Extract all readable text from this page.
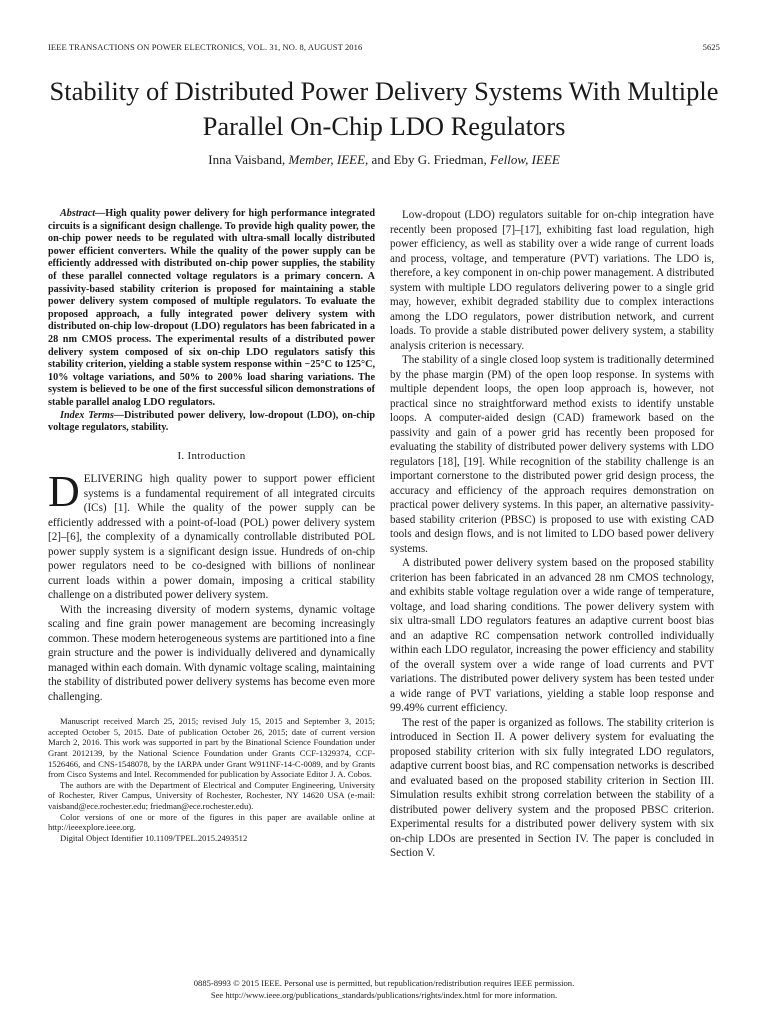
IEEE TRANSACTIONS ON POWER ELECTRONICS, VOL. 31, NO. 8, AUGUST 2016	5625
Stability of Distributed Power Delivery Systems With Multiple Parallel On-Chip LDO Regulators
Inna Vaisband, Member, IEEE, and Eby G. Friedman, Fellow, IEEE

Abstract—High quality power delivery for high performance integrated circuits is a significant design challenge. To provide high quality power, the on-chip power needs to be regulated with ultra-small locally distributed power efficient converters. While the quality of the power supply can be efficiently addressed with distributed on-chip power supplies, the stability of these parallel connected voltage regulators is a primary concern. A passivity-based stability criterion is proposed for maintaining a stable power delivery system composed of multiple regulators. To evaluate the proposed approach, a fully integrated power delivery system with distributed on-chip low-dropout (LDO) regulators has been fabricated in a 28 nm CMOS process. The experimental results of a distributed power delivery system composed of six on-chip LDO regulators satisfy this stability criterion, yielding a stable system response within −25°C to 125°C, 10% voltage variations, and 50% to 200% load sharing variations. The system is believed to be one of the first successful silicon demonstrations of stable parallel analog LDO regulators.

Index Terms—Distributed power delivery, low-dropout (LDO), on-chip voltage regulators, stability.

I. Introduction

DELIVERING high quality power to support power efficient systems is a fundamental requirement of all integrated circuits (ICs) [1]. While the quality of the power supply can be efficiently addressed with a point-of-load (POL) power delivery system [2]–[6], the complexity of a dynamically controllable distributed POL power supply system is a significant design issue. Hundreds of on-chip power regulators need to be co-designed with billions of nonlinear current loads within a power domain, imposing a critical stability challenge on a distributed power delivery system.

With the increasing diversity of modern systems, dynamic voltage scaling and fine grain power management are becoming increasingly common. These modern heterogeneous systems are partitioned into a fine grain structure and the power is individually delivered and dynamically managed within each domain. With dynamic voltage scaling, maintaining the stability of distributed power delivery systems has become even more challenging.

Manuscript received March 25, 2015; revised July 15, 2015 and September 3, 2015; accepted October 5, 2015. Date of publication October 26, 2015; date of current version March 2, 2016. This work was supported in part by the Binational Science Foundation under Grant 2012139, by the National Science Foundation under Grants CCF-1329374, CCF-1526466, and CNS-1548078, by the IARPA under Grant W911NF-14-C-0089, and by Grants from Cisco Systems and Intel. Recommended for publication by Associate Editor J. A. Cobos.

The authors are with the Department of Electrical and Computer Engineering, University of Rochester, River Campus, University of Rochester, Rochester, NY 14620 USA (e-mail: vaisband@ece.rochester.edu; friedman@ece.rochester.edu).

Color versions of one or more of the figures in this paper are available online at http://ieeexplore.ieee.org.

Digital Object Identifier 10.1109/TPEL.2015.2493512

Low-dropout (LDO) regulators suitable for on-chip integration have recently been proposed [7]–[17], exhibiting fast load regulation, high power efficiency, as well as stability over a wide range of current loads and process, voltage, and temperature (PVT) variations. The LDO is, therefore, a key component in on-chip power management. A distributed system with multiple LDO regulators delivering power to a single grid may, however, exhibit degraded stability due to complex interactions among the LDO regulators, power distribution network, and current loads. To provide a stable distributed power delivery system, a stability analysis criterion is necessary.

The stability of a single closed loop system is traditionally determined by the phase margin (PM) of the open loop response. In systems with multiple dependent loops, the open loop approach is, however, not practical since no straightforward method exists to identify unstable loops. A computer-aided design (CAD) framework based on the passivity and gain of a power grid has recently been proposed for evaluating the stability of distributed power delivery systems with LDO regulators [18], [19]. While recognition of the stability challenge is an important cornerstone to the distributed power grid design process, the accuracy and efficiency of the approach requires demonstration on practical power delivery systems. In this paper, an alternative passivity-based stability criterion (PBSC) is proposed to use with existing CAD tools and design flows, and is not limited to LDO based power delivery systems.

A distributed power delivery system based on the proposed stability criterion has been fabricated in an advanced 28 nm CMOS technology, and exhibits stable voltage regulation over a wide range of temperature, voltage, and load sharing conditions. The power delivery system with six ultra-small LDO regulators features an adaptive current boost bias and an adaptive RC compensation network controlled individually within each LDO regulator, increasing the power efficiency and stability of the overall system over a wide range of load currents and PVT variations. The distributed power delivery system has been tested under a wide range of PVT variations, yielding a stable loop response and 99.49% current efficiency.

The rest of the paper is organized as follows. The stability criterion is introduced in Section II. A power delivery system for evaluating the proposed stability criterion with six fully integrated LDO regulators, adaptive current boost bias, and RC compensation networks is described and evaluated based on the proposed stability criterion in Section III. Simulation results exhibit strong correlation between the stability of a distributed power delivery system and the proposed PBSC criterion. Experimental results for a distributed power delivery system with six on-chip LDOs are presented in Section IV. The paper is concluded in Section V.

0885-8993 © 2015 IEEE. Personal use is permitted, but republication/redistribution requires IEEE permission.
See http://www.ieee.org/publications_standards/publications/rights/index.html for more information.
